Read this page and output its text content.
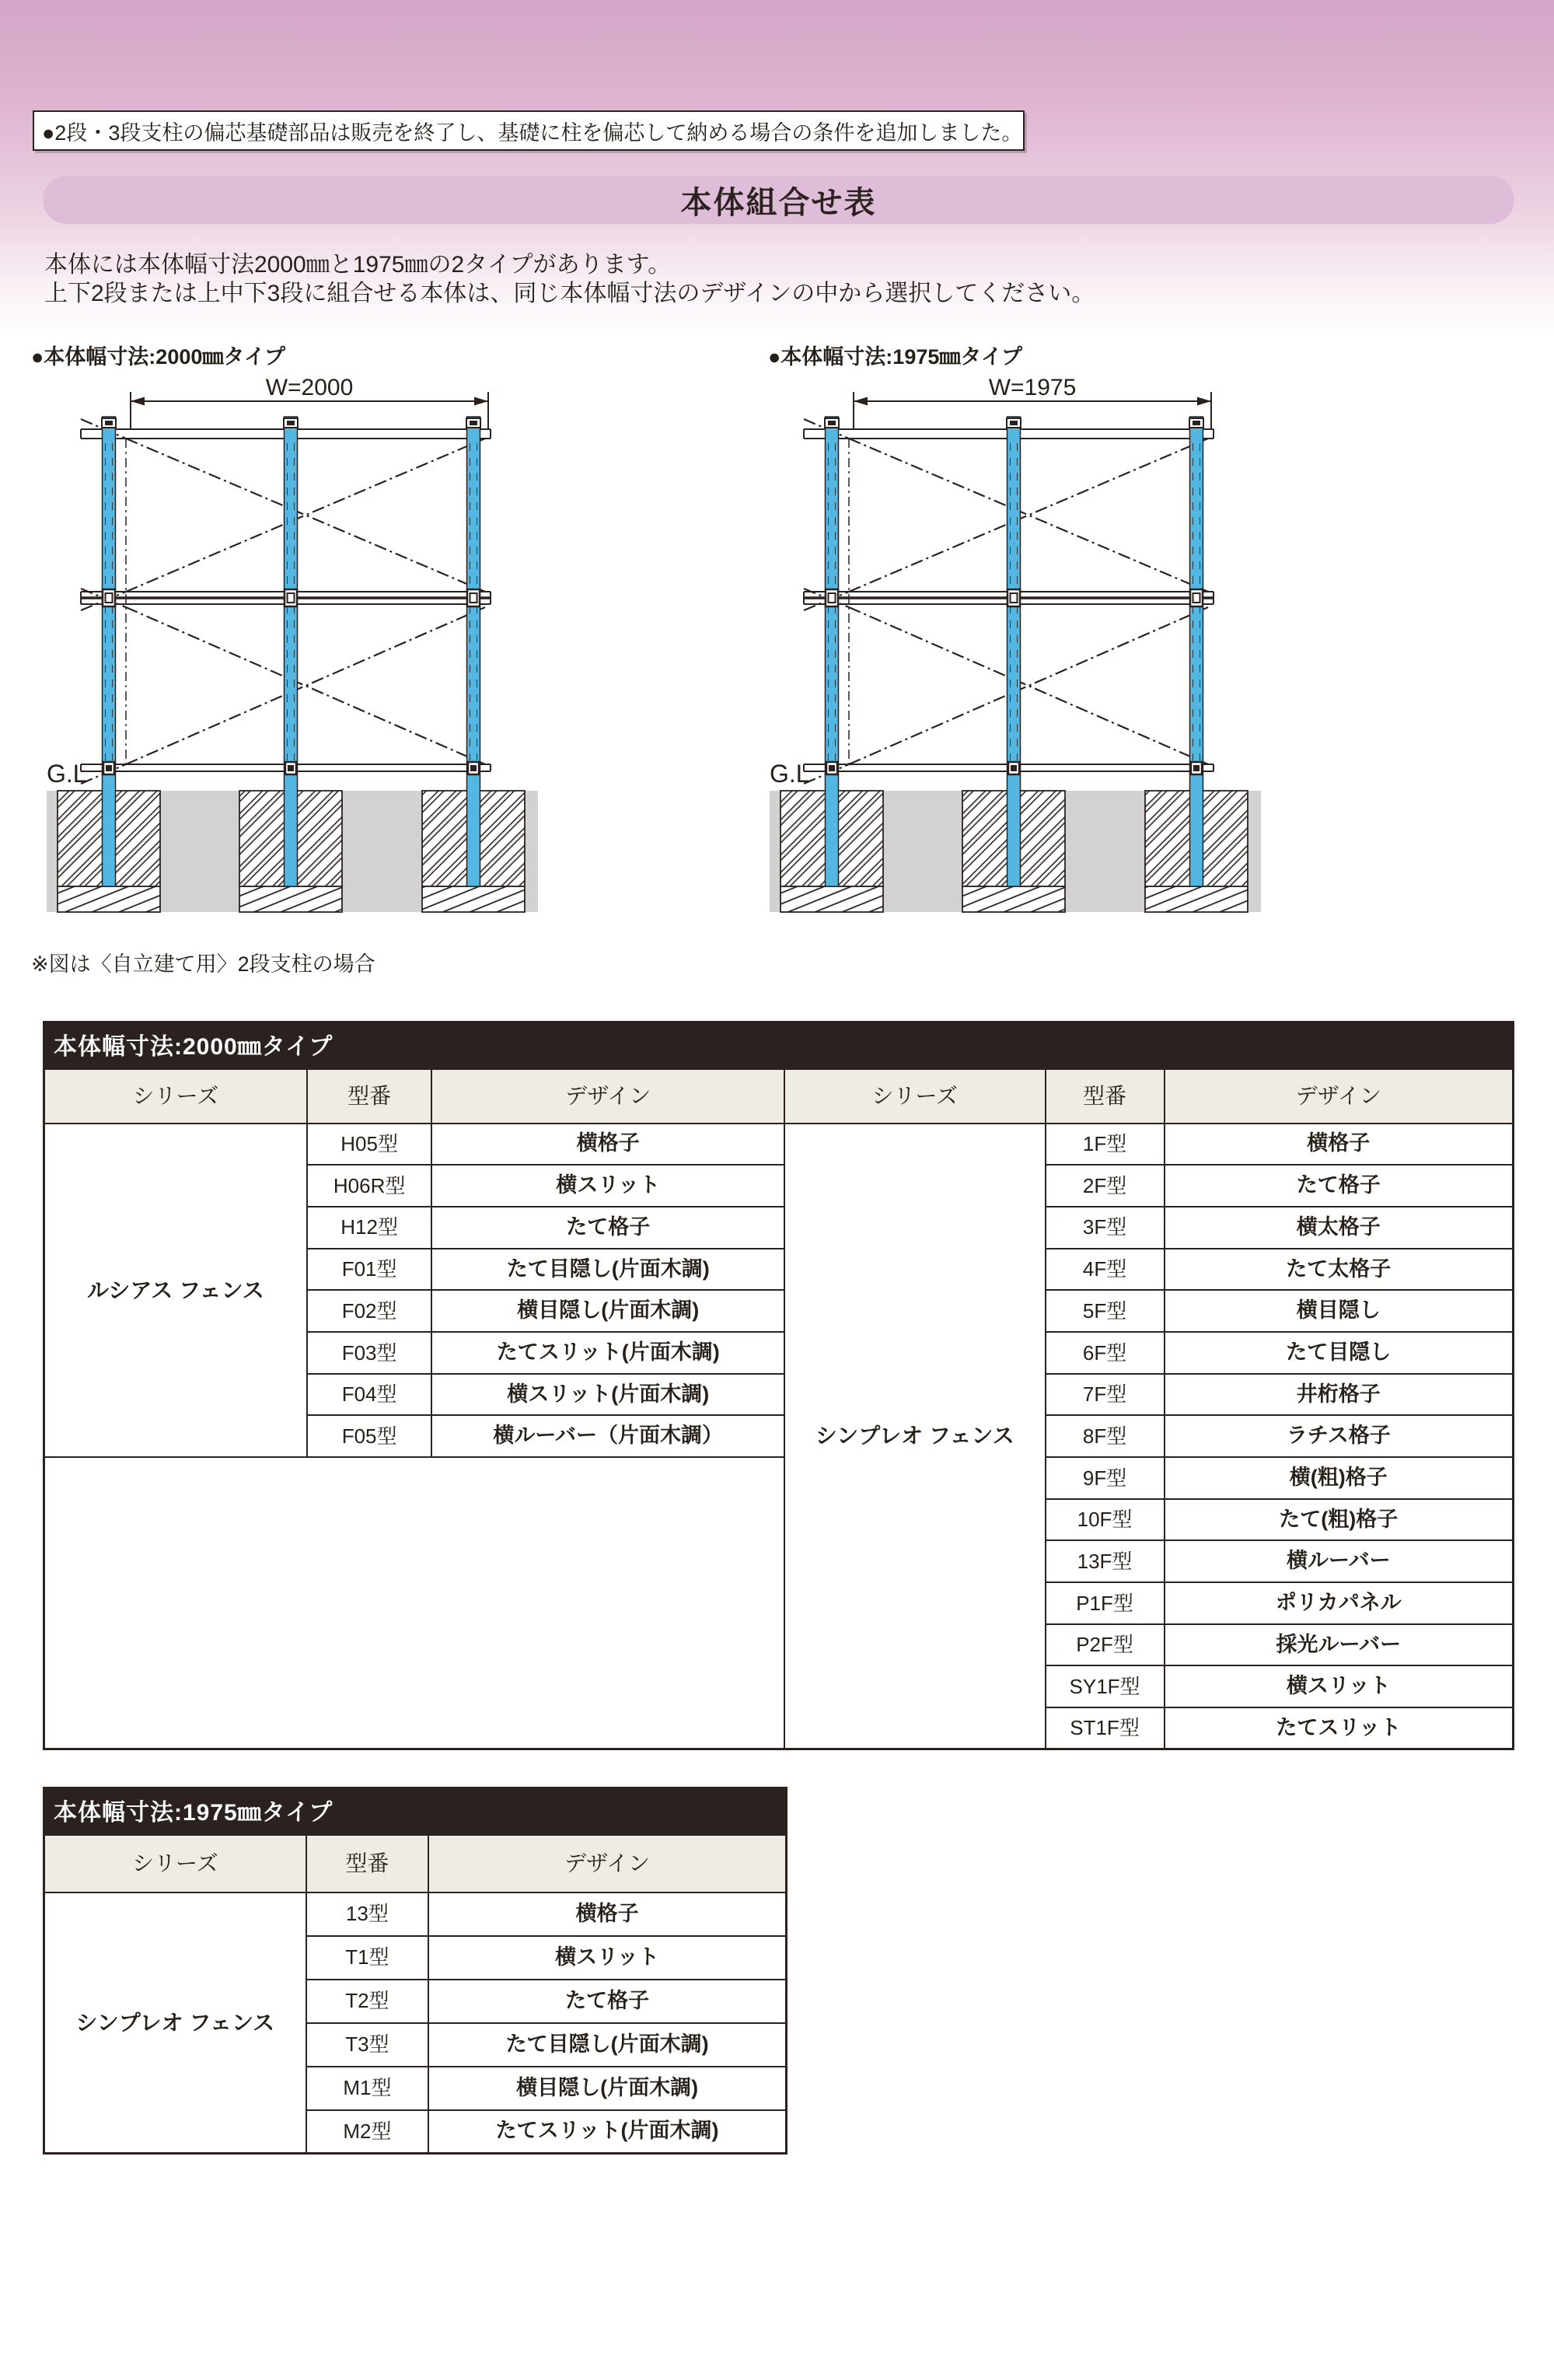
●2段・3段支柱の偏芯基礎部品は販売を終了し、基礎に柱を偏芯して納める場合の条件を追加しました。
本体組合せ表
本体には本体幅寸法2000㎜と1975㎜の2タイプがあります。
上下2段または上中下3段に組合せる本体は、同じ本体幅寸法のデザインの中から選択してください。
●本体幅寸法:2000㎜タイプ	●本体幅寸法:1975㎜タイプ
W=2000
G.L
W=1975
G.L
※図は〈自立建て用〉2段支柱の場合
本体幅寸法:2000㎜タイプ
シリーズ	型番	デザイン	シリーズ	型番	デザイン
ルシアス フェンス	H05型	横格子	シンプレオ フェンス	1F型	横格子
	H06R型	横スリット		2F型	たて格子
	H12型	たて格子		3F型	横太格子
	F01型	たて目隠し(片面木調)		4F型	たて太格子
	F02型	横目隠し(片面木調)		5F型	横目隠し
	F03型	たてスリット(片面木調)		6F型	たて目隠し
	F04型	横スリット(片面木調)		7F型	井桁格子
	F05型	横ルーバー（片面木調）		8F型	ラチス格子
				9F型	横(粗)格子
				10F型	たて(粗)格子
				13F型	横ルーバー
				P1F型	ポリカパネル
				P2F型	採光ルーバー
				SY1F型	横スリット
				ST1F型	たてスリット
本体幅寸法:1975㎜タイプ
シリーズ	型番	デザイン
シンプレオ フェンス	13型	横格子
	T1型	横スリット
	T2型	たて格子
	T3型	たて目隠し(片面木調)
	M1型	横目隠し(片面木調)
	M2型	たてスリット(片面木調)
